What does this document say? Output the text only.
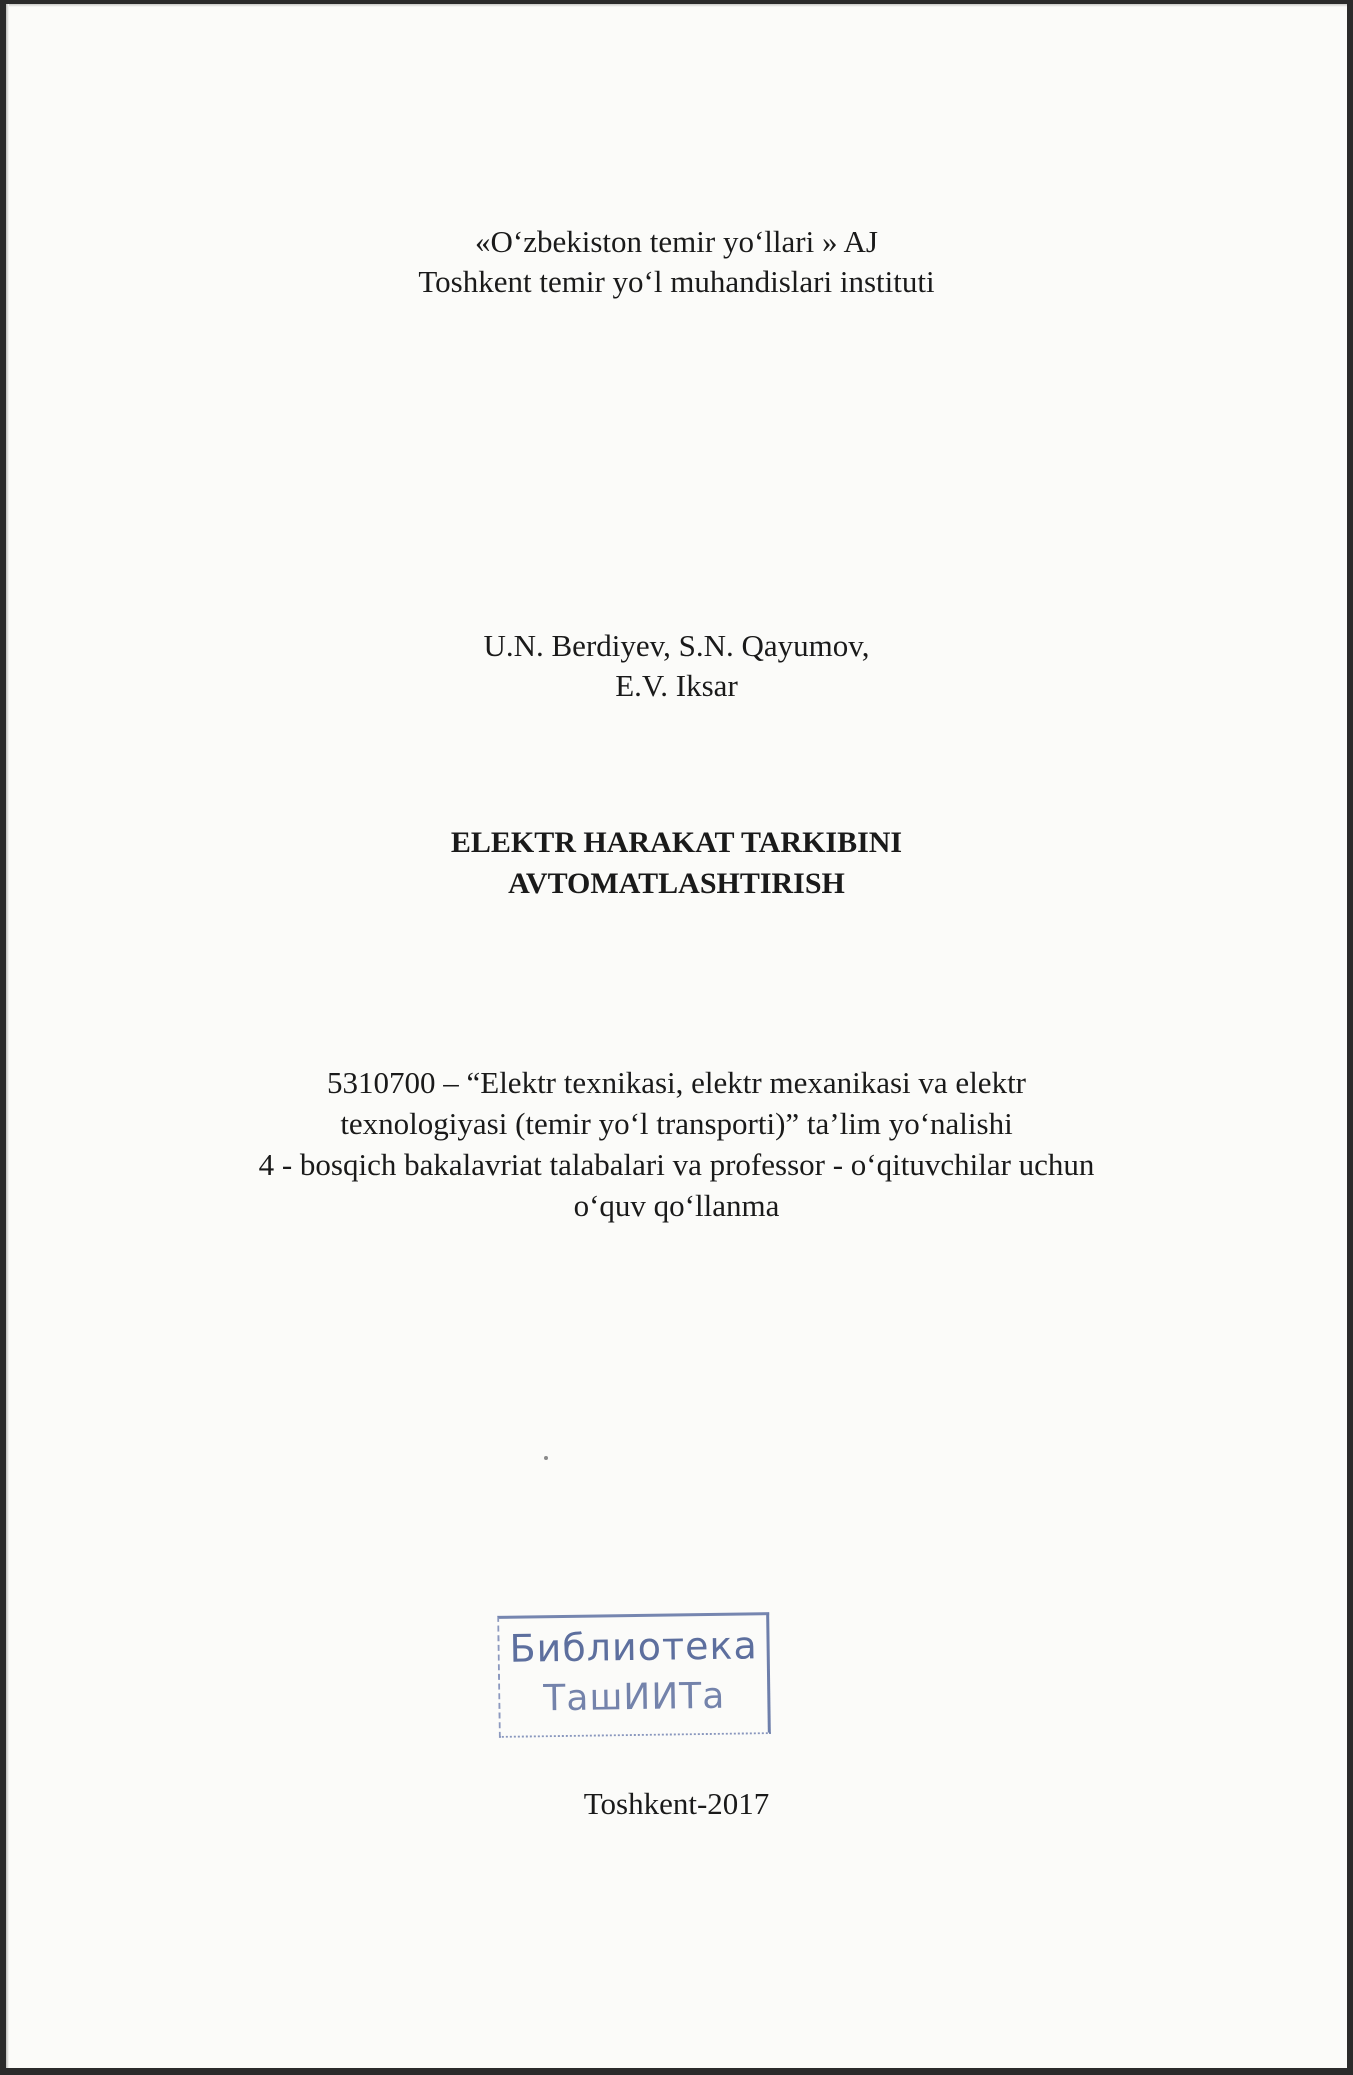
«O‘zbekiston temir yo‘llari » AJ
Toshkent temir yo‘l muhandislari instituti
U.N. Berdiyev, S.N. Qayumov,
E.V. Iksar
ELEKTR HARAKAT TARKIBINI
AVTOMATLASHTIRISH
5310700 – “Elektr texnikasi, elektr mexanikasi va elektr
texnologiyasi (temir yo‘l transporti)” ta’lim yo‘nalishi
4 - bosqich bakalavriat talabalari va professor - o‘qituvchilar uchun
o‘quv qo‘llanma
Библиотека
ТашИИТа
Toshkent-2017
